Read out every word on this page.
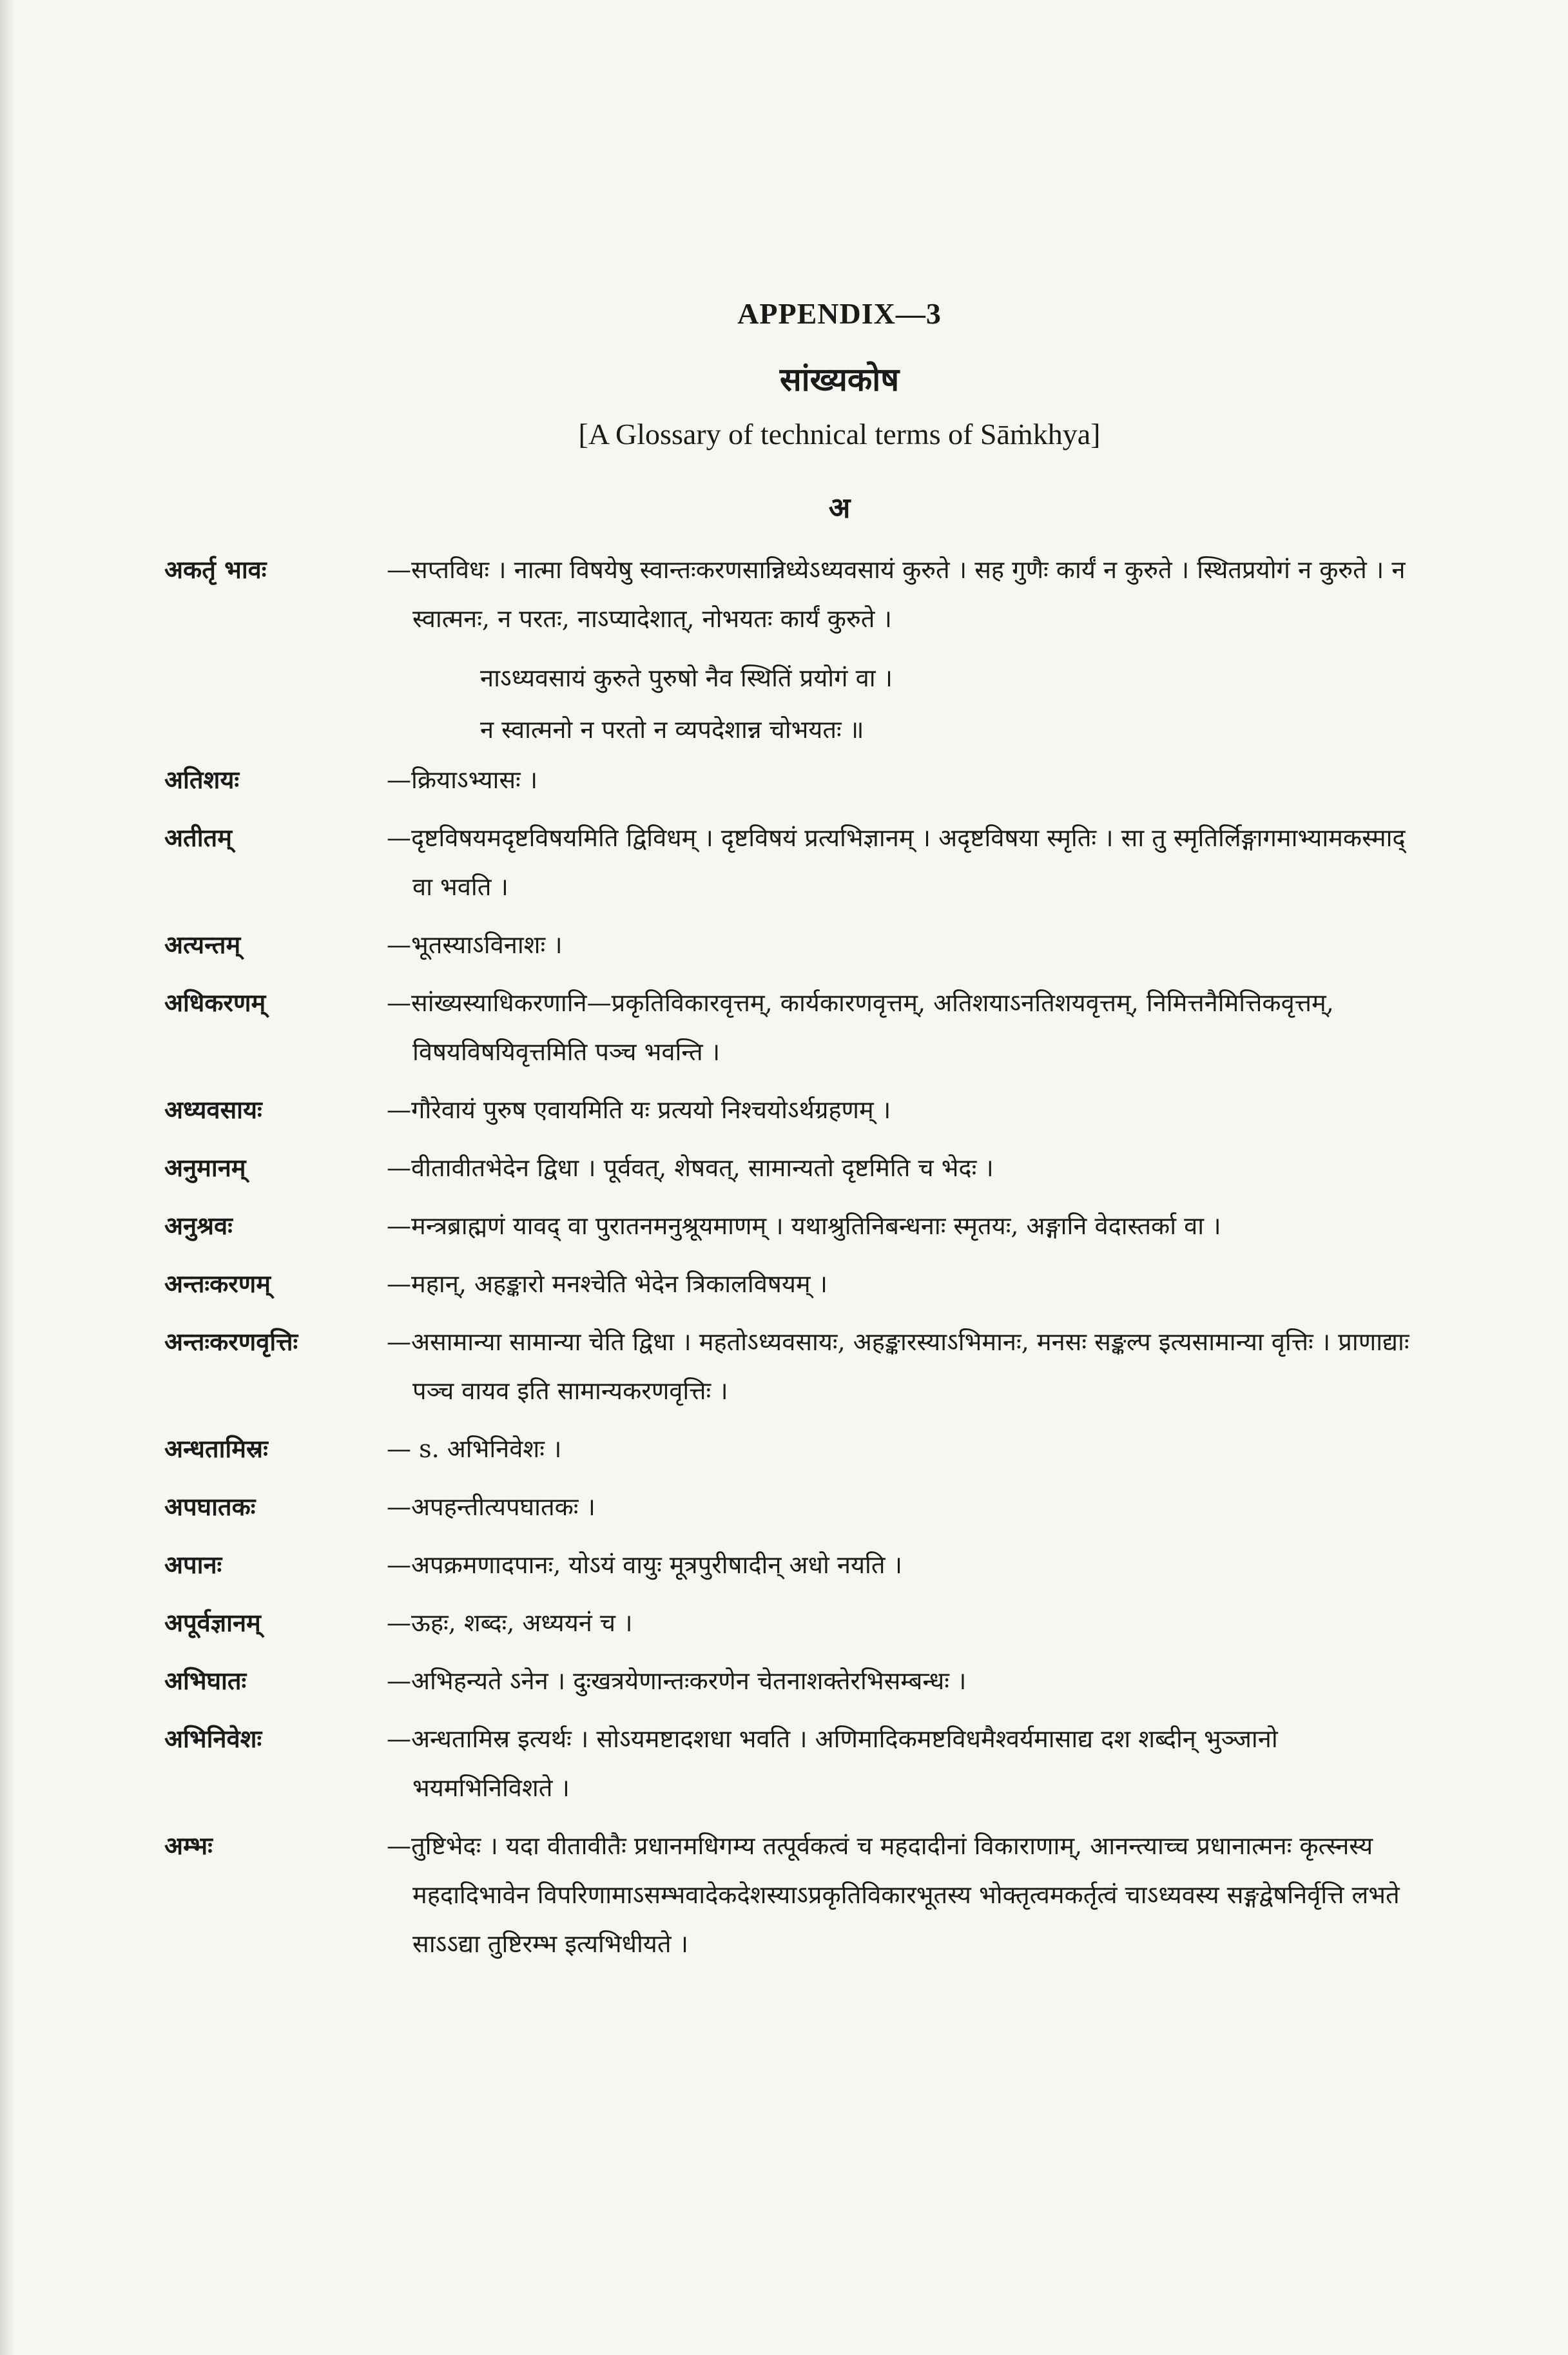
APPENDIX—3
सांख्यकोष
[A Glossary of technical terms of Sāṁkhya]
अ
अकर्तृ भावः	—सप्तविधः । नात्मा विषयेषु स्वान्तःकरणसान्निध्येऽध्यवसायं कुरुते । सह गुणैः कार्यं न कुरुते । स्थितप्रयोगं न कुरुते । न स्वात्मनः, न परतः, नाऽप्यादेशात्, नोभयतः कार्यं कुरुते ।
नाऽध्यवसायं कुरुते पुरुषो नैव स्थितिं प्रयोगं वा ।
न स्वात्मनो न परतो न व्यपदेशान्न चोभयतः ॥
अतिशयः	—क्रियाऽभ्यासः ।
अतीतम्	—दृष्टविषयमदृष्टविषयमिति द्विविधम् । दृष्टविषयं प्रत्यभिज्ञानम् । अदृष्टविषया स्मृतिः । सा तु स्मृतिर्लिङ्गागमाभ्यामकस्माद् वा भवति ।
अत्यन्तम्	—भूतस्याऽविनाशः ।
अधिकरणम्	—सांख्यस्याधिकरणानि—प्रकृतिविकारवृत्तम्, कार्यकारणवृत्तम्, अतिशयाऽनतिशयवृत्तम्, निमित्तनैमित्तिकवृत्तम्, विषयविषयिवृत्तमिति पञ्च भवन्ति ।
अध्यवसायः	—गौरेवायं पुरुष एवायमिति यः प्रत्ययो निश्चयोऽर्थग्रहणम् ।
अनुमानम्	—वीतावीतभेदेन द्विधा । पूर्ववत्, शेषवत्, सामान्यतो दृष्टमिति च भेदः ।
अनुश्रवः	—मन्त्रब्राह्मणं यावद् वा पुरातनमनुश्रूयमाणम् । यथाश्रुतिनिबन्धनाः स्मृतयः, अङ्गानि वेदास्तर्का वा ।
अन्तःकरणम्	—महान्, अहङ्कारो मनश्चेति भेदेन त्रिकालविषयम् ।
अन्तःकरणवृत्तिः	—असामान्या सामान्या चेति द्विधा । महतोऽध्यवसायः, अहङ्कारस्याऽभिमानः, मनसः सङ्कल्प इत्यसामान्या वृत्तिः । प्राणाद्याः पञ्च वायव इति सामान्यकरणवृत्तिः ।
अन्धतामिस्रः	— s. अभिनिवेशः ।
अपघातकः	—अपहन्तीत्यपघातकः ।
अपानः	—अपक्रमणादपानः, योऽयं वायुः मूत्रपुरीषादीन् अधो नयति ।
अपूर्वज्ञानम्	—ऊहः, शब्दः, अध्ययनं च ।
अभिघातः	—अभिहन्यते ऽनेन । दुःखत्रयेणान्तःकरणेन चेतनाशक्तेरभिसम्बन्धः ।
अभिनिवेशः	—अन्धतामिस्र इत्यर्थः । सोऽयमष्टादशधा भवति । अणिमादिकमष्टविधमैश्वर्यमासाद्य दश शब्दीन् भुञ्जानो भयमभिनिविशते ।
अम्भः	—तुष्टिभेदः । यदा वीतावीतैः प्रधानमधिगम्य तत्पूर्वकत्वं च महदादीनां विकाराणाम्, आनन्त्याच्च प्रधानात्मनः कृत्स्नस्य महदादिभावेन विपरिणामाऽसम्भवादेकदेशस्याऽप्रकृतिविकारभूतस्य भोक्तृत्वमकर्तृत्वं चाऽध्यवस्य सङ्गद्वेषनिर्वृत्ति लभते साऽऽद्या तुष्टिरम्भ इत्यभिधीयते ।
